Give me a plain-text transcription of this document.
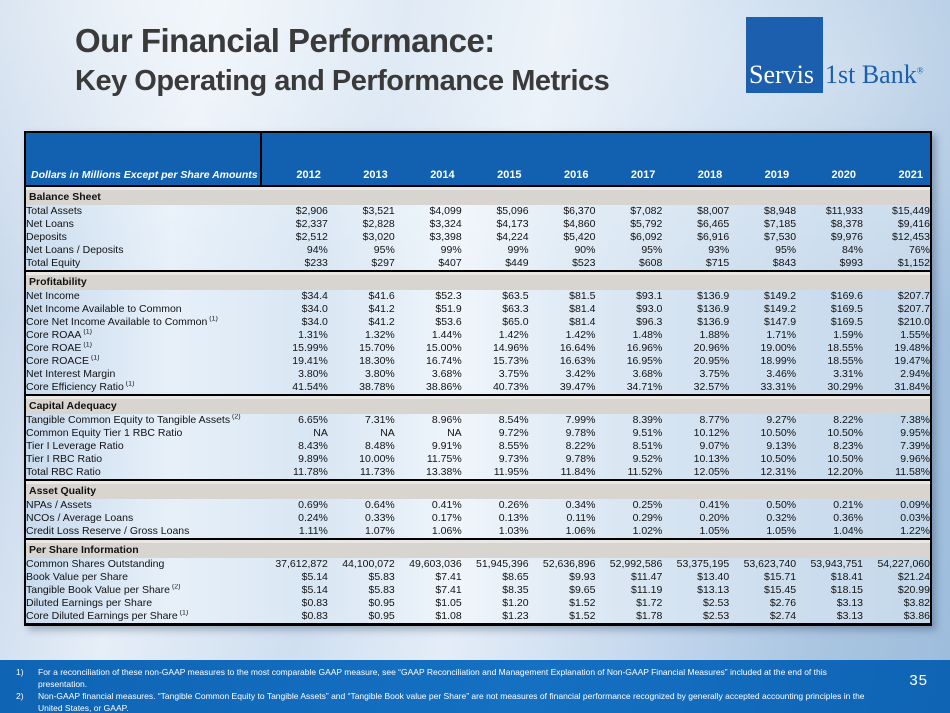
Our Financial Performance:
Key Operating and Performance Metrics	Servis 1st Bank®
Dollars in Millions Except per Share Amounts	2012	2013	2014	2015	2016	2017	2018	2019	2020	2021

Balance Sheet										
Total Assets	$2,906	$3,521	$4,099	$5,096	$6,370	$7,082	$8,007	$8,948	$11,933	$15,449
Net Loans	$2,337	$2,828	$3,324	$4,173	$4,860	$5,792	$6,465	$7,185	$8,378	$9,416
Deposits	$2,512	$3,020	$3,398	$4,224	$5,420	$6,092	$6,916	$7,530	$9,976	$12,453
Net Loans / Deposits	94%	95%	99%	99%	90%	95%	93%	95%	84%	76%
Total Equity	$233	$297	$407	$449	$523	$608	$715	$843	$993	$1,152

Profitability										
Net Income	$34.4	$41.6	$52.3	$63.5	$81.5	$93.1	$136.9	$149.2	$169.6	$207.7
Net Income Available to Common	$34.0	$41.2	$51.9	$63.3	$81.4	$93.0	$136.9	$149.2	$169.5	$207.7
Core Net Income Available to Common $^{(1)}$	$34.0	$41.2	$53.6	$65.0	$81.4	$96.3	$136.9	$147.9	$169.5	$210.0
Core ROAA $^{(1)}$	1.31%	1.32%	1.44%	1.42%	1.42%	1.48%	1.88%	1.71%	1.59%	1.55%
Core ROAE $^{(1)}$	15.99%	15.70%	15.00%	14.96%	16.64%	16.96%	20.96%	19.00%	18.55%	19.48%
Core ROACE $^{(1)}$	19.41%	18.30%	16.74%	15.73%	16.63%	16.95%	20.95%	18.99%	18.55%	19.47%
Net Interest Margin	3.80%	3.80%	3.68%	3.75%	3.42%	3.68%	3.75%	3.46%	3.31%	2.94%
Core Efficiency Ratio $^{(1)}$	41.54%	38.78%	38.86%	40.73%	39.47%	34.71%	32.57%	33.31%	30.29%	31.84%

Capital Adequacy										
Tangible Common Equity to Tangible Assets $^{(2)}$	6.65%	7.31%	8.96%	8.54%	7.99%	8.39%	8.77%	9.27%	8.22%	7.38%
Common Equity Tier 1 RBC Ratio	NA	NA	NA	9.72%	9.78%	9.51%	10.12%	10.50%	10.50%	9.95%
Tier I Leverage Ratio	8.43%	8.48%	9.91%	8.55%	8.22%	8.51%	9.07%	9.13%	8.23%	7.39%
Tier I RBC Ratio	9.89%	10.00%	11.75%	9.73%	9.78%	9.52%	10.13%	10.50%	10.50%	9.96%
Total RBC Ratio	11.78%	11.73%	13.38%	11.95%	11.84%	11.52%	12.05%	12.31%	12.20%	11.58%

Asset Quality										
NPAs / Assets	0.69%	0.64%	0.41%	0.26%	0.34%	0.25%	0.41%	0.50%	0.21%	0.09%
NCOs / Average Loans	0.24%	0.33%	0.17%	0.13%	0.11%	0.29%	0.20%	0.32%	0.36%	0.03%
Credit Loss Reserve / Gross Loans	1.11%	1.07%	1.06%	1.03%	1.06%	1.02%	1.05%	1.05%	1.04%	1.22%

Per Share Information										
Common Shares Outstanding	37,612,872	44,100,072	49,603,036	51,945,396	52,636,896	52,992,586	53,375,195	53,623,740	53,943,751	54,227,060
Book Value per Share	$5.14	$5.83	$7.41	$8.65	$9.93	$11.47	$13.40	$15.71	$18.41	$21.24
Tangible Book Value per Share $^{(2)}$	$5.14	$5.83	$7.41	$8.35	$9.65	$11.19	$13.13	$15.45	$18.15	$20.99
Diluted Earnings per Share	$0.83	$0.95	$1.05	$1.20	$1.52	$1.72	$2.53	$2.76	$3.13	$3.82
Core Diluted Earnings per Share $^{(1)}$	$0.83	$0.95	$1.08	$1.23	$1.52	$1.78	$2.53	$2.74	$3.13	$3.86
1)	For a reconciliation of these non-GAAP measures to the most comparable GAAP measure, see “GAAP Reconciliation and Management Explanation of Non-GAAP Financial Measures” included at the end of this presentation.
2)	Non-GAAP financial measures. “Tangible Common Equity to Tangible Assets” and “Tangible Book value per Share” are not measures of financial performance recognized by generally accepted accounting principles in the United States, or GAAP.
35
